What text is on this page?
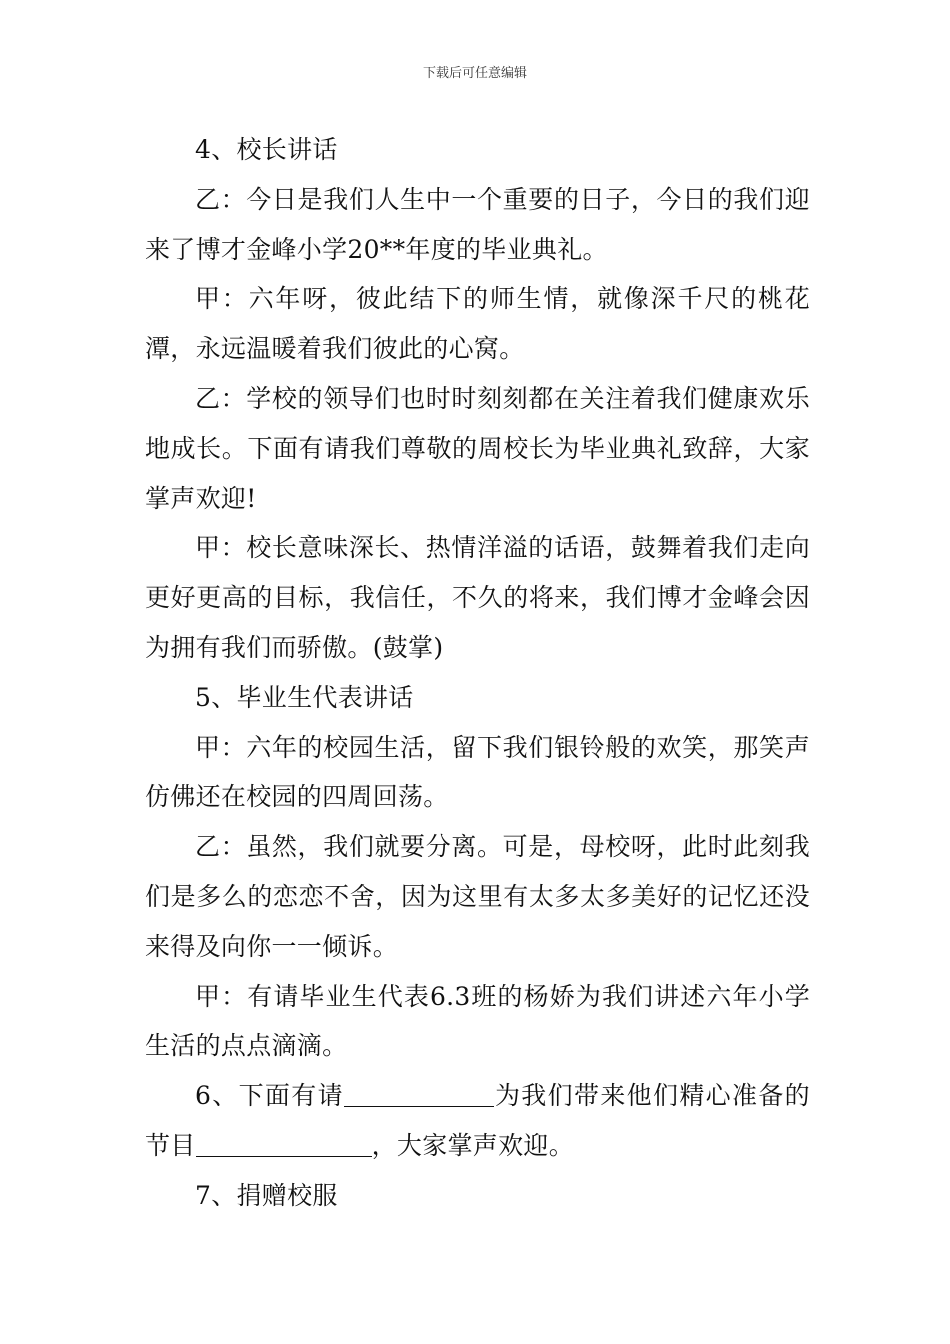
下载后可任意编辑

4、校长讲话

乙：今日是我们人生中一个重要的日子，今日的我们迎来了博才金峰小学20**年度的毕业典礼。

甲：六年呀，彼此结下的师生情，就像深千尺的桃花潭，永远温暖着我们彼此的心窝。

乙：学校的领导们也时时刻刻都在关注着我们健康欢乐地成长。下面有请我们尊敬的周校长为毕业典礼致辞，大家掌声欢迎!

甲：校长意味深长、热情洋溢的话语，鼓舞着我们走向更好更高的目标，我信任，不久的将来，我们博才金峰会因为拥有我们而骄傲。(鼓掌)

5、毕业生代表讲话

甲：六年的校园生活，留下我们银铃般的欢笑，那笑声仿佛还在校园的四周回荡。

乙：虽然，我们就要分离。可是，母校呀，此时此刻我们是多么的恋恋不舍，因为这里有太多太多美好的记忆还没来得及向你一一倾诉。

甲：有请毕业生代表6.3班的杨娇为我们讲述六年小学生活的点点滴滴。

6、下面有请	为我们带来他们精心准备的节目	，大家掌声欢迎。

7、捐赠校服
